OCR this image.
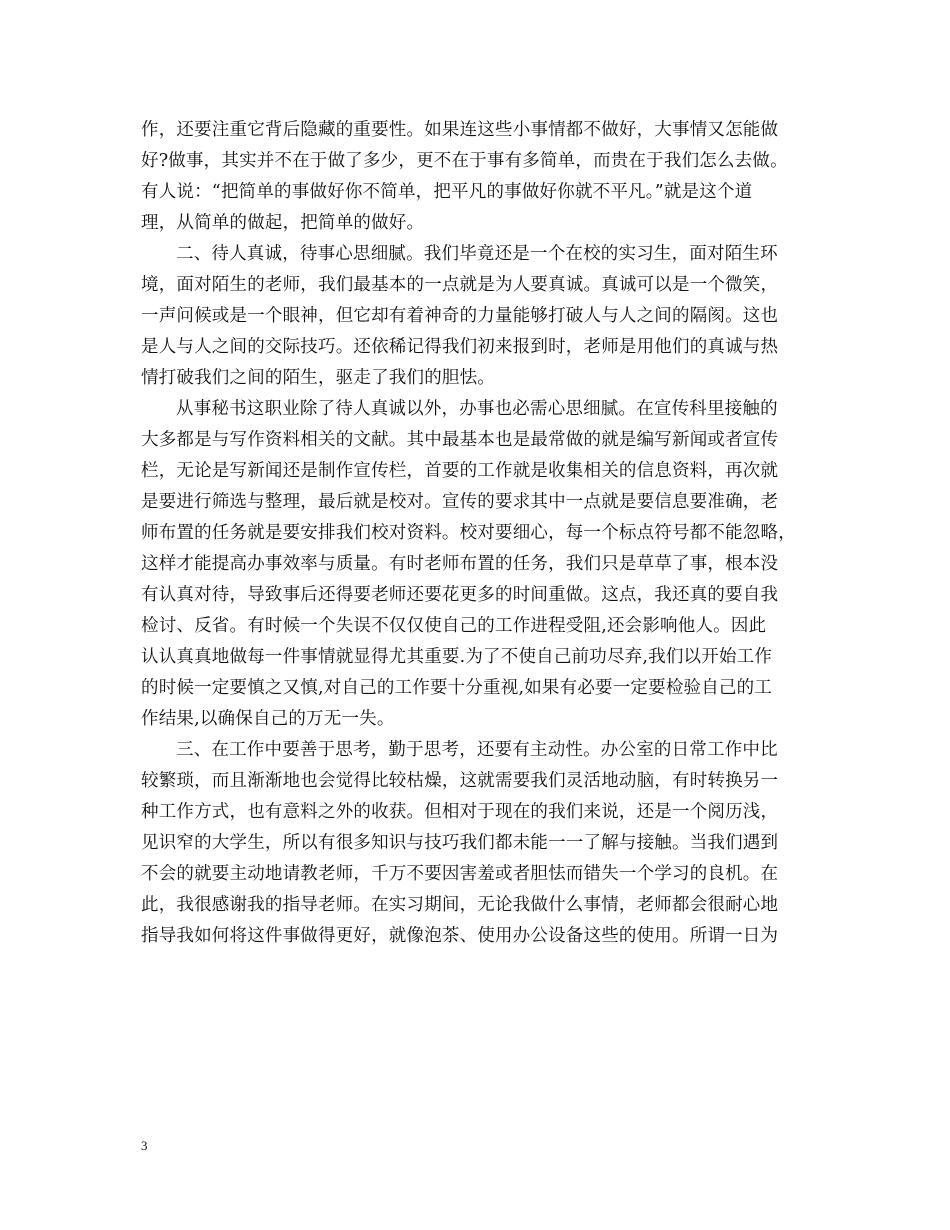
作，还要注重它背后隐藏的重要性。如果连这些小事情都不做好，大事情又怎能做
好?做事，其实并不在于做了多少，更不在于事有多简单，而贵在于我们怎么去做。
有人说：“把简单的事做好你不简单，把平凡的事做好你就不平凡。”就是这个道
理，从简单的做起，把简单的做好。
二、待人真诚，待事心思细腻。我们毕竟还是一个在校的实习生，面对陌生环
境，面对陌生的老师，我们最基本的一点就是为人要真诚。真诚可以是一个微笑，
一声问候或是一个眼神，但它却有着神奇的力量能够打破人与人之间的隔阂。这也
是人与人之间的交际技巧。还依稀记得我们初来报到时，老师是用他们的真诚与热
情打破我们之间的陌生，驱走了我们的胆怯。
从事秘书这职业除了待人真诚以外，办事也必需心思细腻。在宣传科里接触的
大多都是与写作资料相关的文献。其中最基本也是最常做的就是编写新闻或者宣传
栏，无论是写新闻还是制作宣传栏，首要的工作就是收集相关的信息资料，再次就
是要进行筛选与整理，最后就是校对。宣传的要求其中一点就是要信息要准确，老
师布置的任务就是要安排我们校对资料。校对要细心，每一个标点符号都不能忽略，
这样才能提高办事效率与质量。有时老师布置的任务，我们只是草草了事，根本没
有认真对待，导致事后还得要老师还要花更多的时间重做。这点，我还真的要自我
检讨、反省。有时候一个失误不仅仅使自己的工作进程受阻,还会影响他人。因此
认认真真地做每一件事情就显得尤其重要.为了不使自己前功尽弃,我们以开始工作
的时候一定要慎之又慎,对自己的工作要十分重视,如果有必要一定要检验自己的工
作结果,以确保自己的万无一失。
三、在工作中要善于思考，勤于思考，还要有主动性。办公室的日常工作中比
较繁琐，而且渐渐地也会觉得比较枯燥，这就需要我们灵活地动脑，有时转换另一
种工作方式，也有意料之外的收获。但相对于现在的我们来说，还是一个阅历浅，
见识窄的大学生，所以有很多知识与技巧我们都未能一一了解与接触。当我们遇到
不会的就要主动地请教老师，千万不要因害羞或者胆怯而错失一个学习的良机。在
此，我很感谢我的指导老师。在实习期间，无论我做什么事情，老师都会很耐心地
指导我如何将这件事做得更好，就像泡茶、使用办公设备这些的使用。所谓一日为
3
